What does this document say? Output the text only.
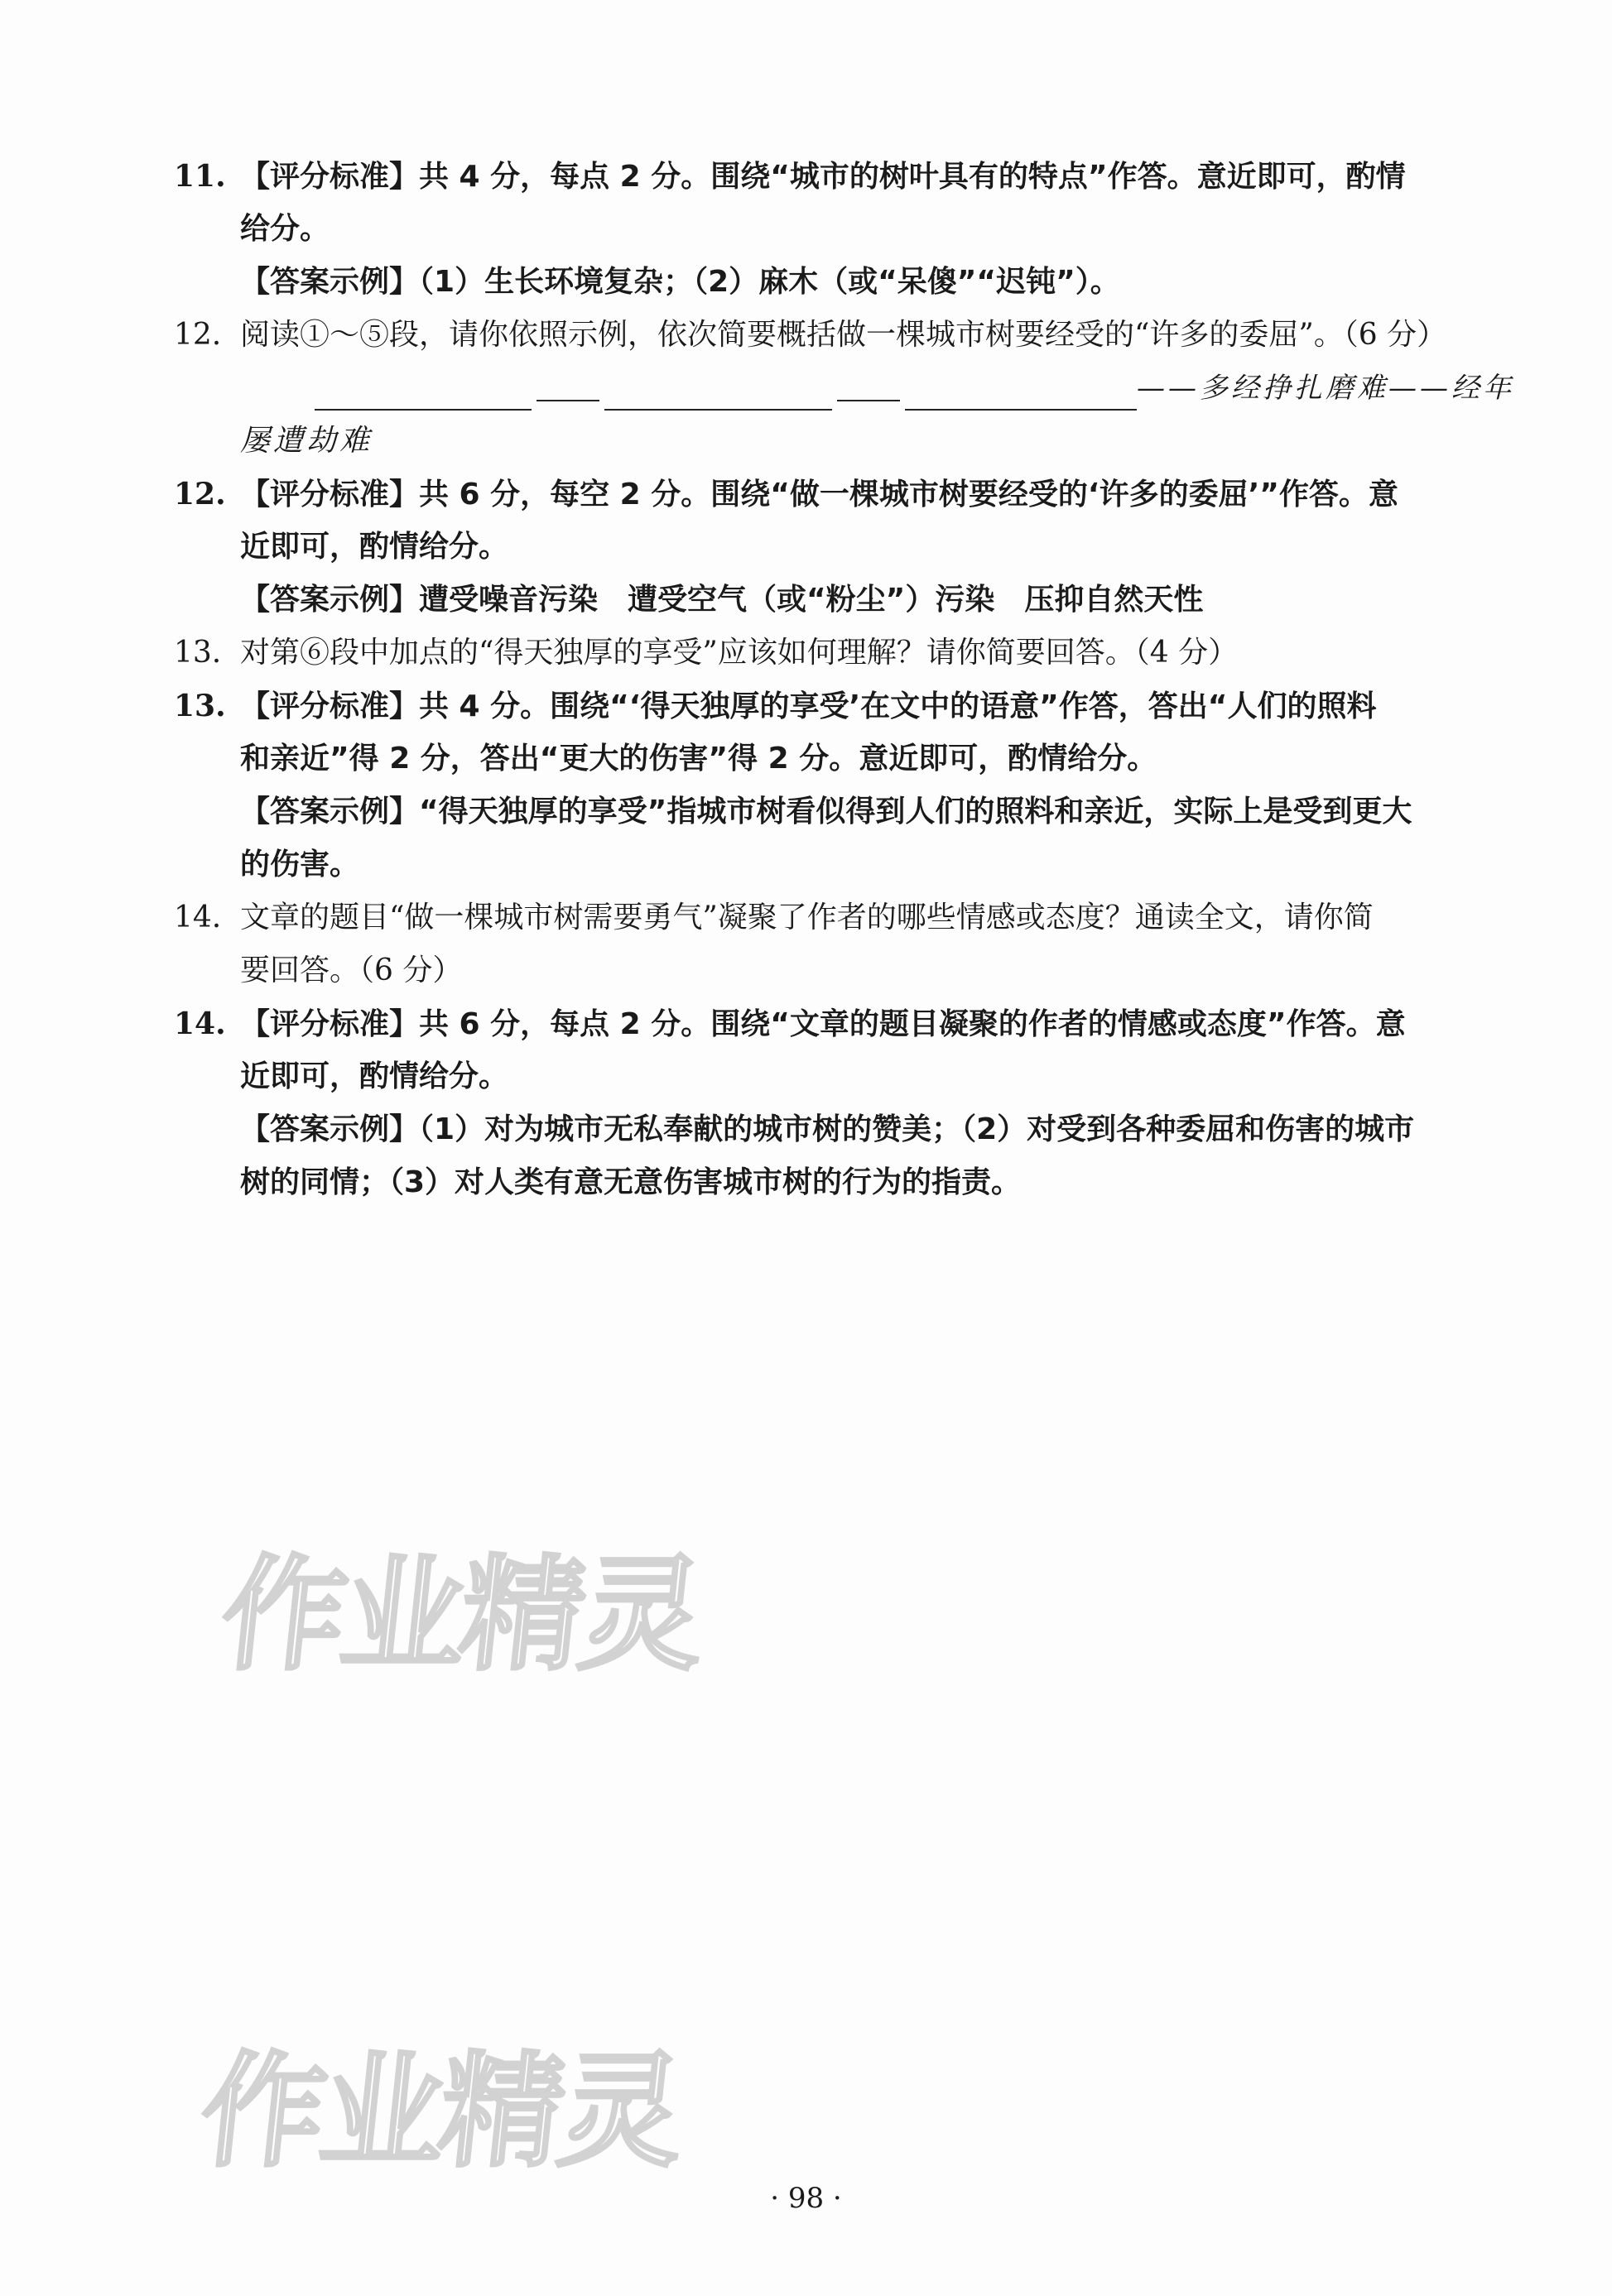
11. 【评分标准】共 4 分，每点 2 分。围绕“城市的树叶具有的特点”作答。意近即可，酌情
给分。
【答案示例】（1）生长环境复杂；（2）麻木（或“呆傻”“迟钝”）。
12. 阅读①～⑤段，请你依照示例，依次简要概括做一棵城市树要经受的“许多的委屈”。（6 分）
——多经挣扎磨难——经年
屡遭劫难
12. 【评分标准】共 6 分，每空 2 分。围绕“做一棵城市树要经受的‘许多的委屈’”作答。意
近即可，酌情给分。
【答案示例】遭受噪音污染　遭受空气（或“粉尘”）污染　压抑自然天性
13. 对第⑥段中加点的“得天独厚的享受”应该如何理解？请你简要回答。（4 分）
13. 【评分标准】共 4 分。围绕“‘得天独厚的享受’在文中的语意”作答，答出“人们的照料
和亲近”得 2 分，答出“更大的伤害”得 2 分。意近即可，酌情给分。
【答案示例】“得天独厚的享受”指城市树看似得到人们的照料和亲近，实际上是受到更大
的伤害。
14. 文章的题目“做一棵城市树需要勇气”凝聚了作者的哪些情感或态度？通读全文，请你简
要回答。（6 分）
14. 【评分标准】共 6 分，每点 2 分。围绕“文章的题目凝聚的作者的情感或态度”作答。意
近即可，酌情给分。
【答案示例】（1）对为城市无私奉献的城市树的赞美；（2）对受到各种委屈和伤害的城市
树的同情；（3）对人类有意无意伤害城市树的行为的指责。
作业精灵
作业精灵
· 98 ·
